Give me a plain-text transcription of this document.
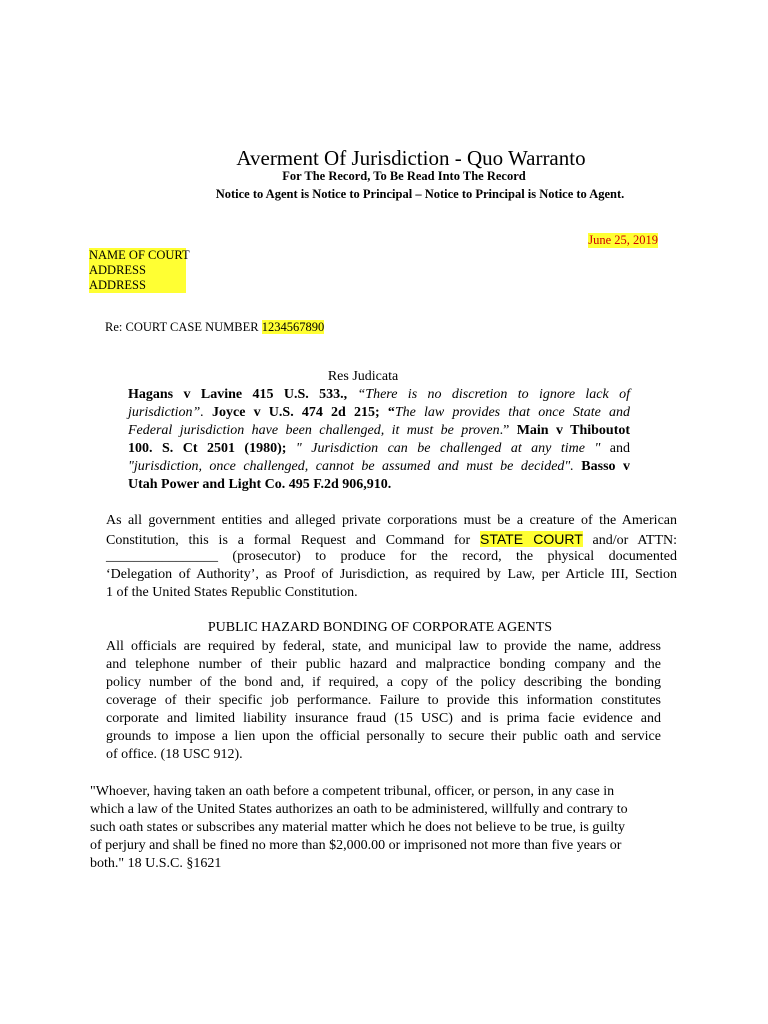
Averment Of Jurisdiction - Quo Warranto
For The Record, To Be Read Into The Record
Notice to Agent is Notice to Principal – Notice to Principal is Notice to Agent.
June 25, 2019
NAME OF COURT
ADDRESS
ADDRESS
Re: COURT CASE NUMBER 1234567890
Res Judicata
Hagans v Lavine 415 U.S. 533., “There is no discretion to ignore lack of
jurisdiction”. Joyce v U.S. 474 2d 215; “The law provides that once State and
Federal jurisdiction have been challenged, it must be proven.” Main v Thiboutot
100. S. Ct 2501 (1980); " Jurisdiction can be challenged at any time " and
"jurisdiction, once challenged, cannot be assumed and must be decided". Basso v
Utah Power and Light Co. 495 F.2d 906,910.
As all government entities and alleged private corporations must be a creature of the American
Constitution, this is a formal Request and Command for STATE COURT and/or ATTN:
________________ (prosecutor) to produce for the record, the physical documented
‘Delegation of Authority’, as Proof of Jurisdiction, as required by Law, per Article III, Section
1 of the United States Republic Constitution.
PUBLIC HAZARD BONDING OF CORPORATE AGENTS
All officials are required by federal, state, and municipal law to provide the name, address
and telephone number of their public hazard and malpractice bonding company and the
policy number of the bond and, if required, a copy of the policy describing the bonding
coverage of their specific job performance. Failure to provide this information constitutes
corporate and limited liability insurance fraud (15 USC) and is prima facie evidence and
grounds to impose a lien upon the official personally to secure their public oath and service
of office. (18 USC 912).
"Whoever, having taken an oath before a competent tribunal, officer, or person, in any case in
which a law of the United States authorizes an oath to be administered, willfully and contrary to
such oath states or subscribes any material matter which he does not believe to be true, is guilty
of perjury and shall be fined no more than $2,000.00 or imprisoned not more than five years or
both." 18 U.S.C. §1621
